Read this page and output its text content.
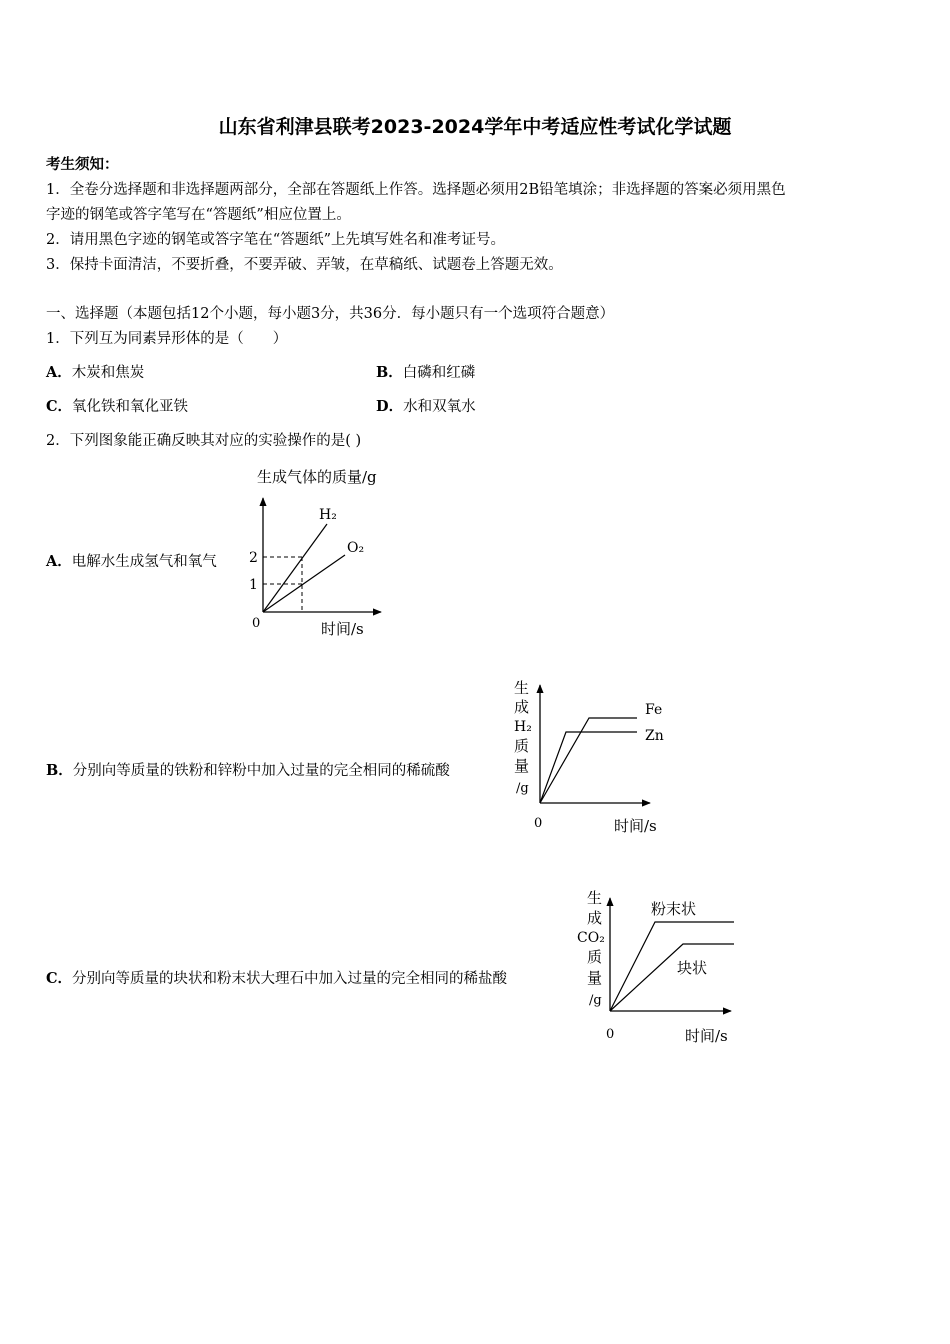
山东省利津县联考2023-2024学年中考适应性考试化学试题
考生须知：
1．全卷分选择题和非选择题两部分，全部在答题纸上作答。选择题必须用2B铅笔填涂；非选择题的答案必须用黑色
字迹的钢笔或答字笔写在“答题纸”相应位置上。
2．请用黑色字迹的钢笔或答字笔在“答题纸”上先填写姓名和准考证号。
3．保持卡面清洁，不要折叠，不要弄破、弄皱，在草稿纸、试题卷上答题无效。
一、选择题（本题包括12个小题，每小题3分，共36分．每小题只有一个选项符合题意）
1．下列互为同素异形体的是（　　）
A．木炭和焦炭	B．白磷和红磷
C．氧化铁和氧化亚铁	D．水和双氧水
2．下列图象能正确反映其对应的实验操作的是( )
A．电解水生成氢气和氧气
B．分别向等质量的铁粉和锌粉中加入过量的完全相同的稀硫酸
C．分别向等质量的块状和粉末状大理石中加入过量的完全相同的稀盐酸
生成气体的质量/g
H₂
O₂
2
1
0	时间/s
生
成
H₂
质
量
/g
Fe
Zn
0	时间/s
生
成
CO₂
质
量
/g
粉末状
块状
0	时间/s
